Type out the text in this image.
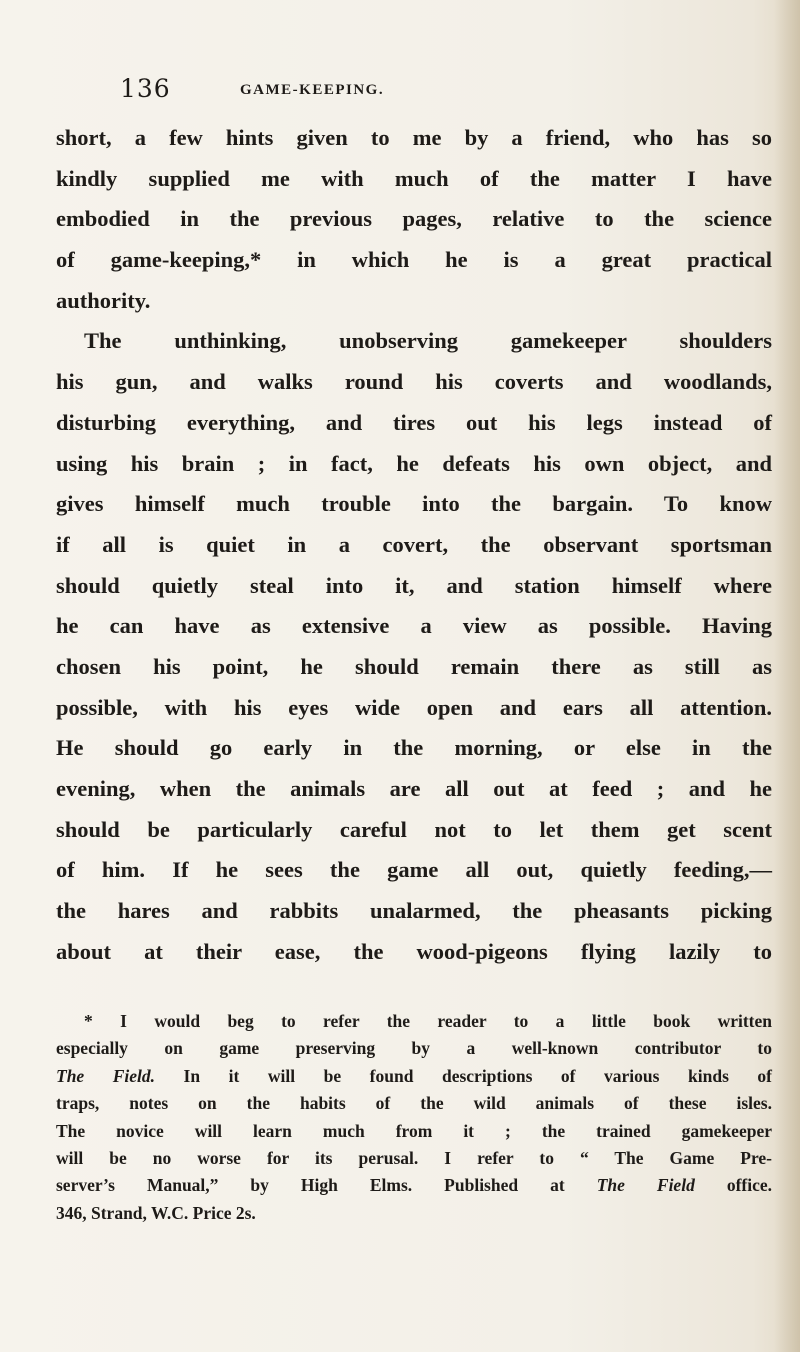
136	GAME-KEEPING.
short, a few hints given to me by a friend, who has so
kindly supplied me with much of the matter I have
embodied in the previous pages, relative to the science
of game-keeping,* in which he is a great practical
authority.
The unthinking, unobserving gamekeeper shoulders
his gun, and walks round his coverts and woodlands,
disturbing everything, and tires out his legs instead of
using his brain ; in fact, he defeats his own object, and
gives himself much trouble into the bargain. To know
if all is quiet in a covert, the observant sportsman
should quietly steal into it, and station himself where
he can have as extensive a view as possible. Having
chosen his point, he should remain there as still as
possible, with his eyes wide open and ears all attention.
He should go early in the morning, or else in the
evening, when the animals are all out at feed ; and he
should be particularly careful not to let them get scent
of him. If he sees the game all out, quietly feeding,—
the hares and rabbits unalarmed, the pheasants picking
about at their ease, the wood-pigeons flying lazily to
* I would beg to refer the reader to a little book written
especially on game preserving by a well-known contributor to
The Field. In it will be found descriptions of various kinds of
traps, notes on the habits of the wild animals of these isles.
The novice will learn much from it ; the trained gamekeeper
will be no worse for its perusal. I refer to “ The Game Pre-
server’s Manual,” by High Elms. Published at The Field office.
346, Strand, W.C. Price 2s.
